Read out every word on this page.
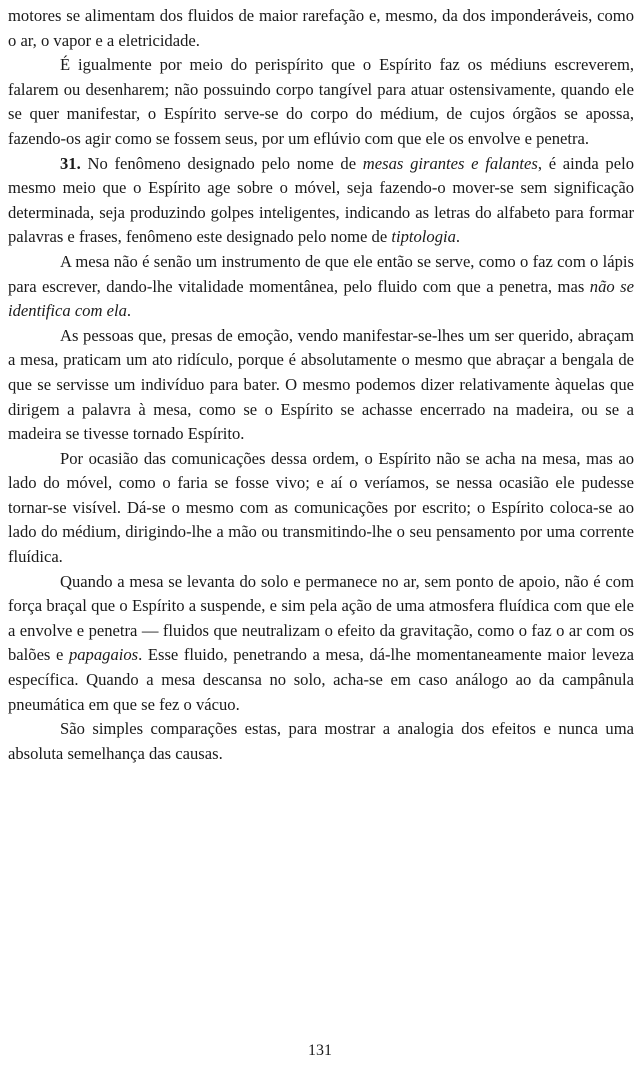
motores se alimentam dos fluidos de maior rarefação e, mesmo, da dos imponderáveis, como o ar, o vapor e a eletricidade.

É igualmente por meio do perispírito que o Espírito faz os médiuns escreverem, falarem ou desenharem; não possuindo corpo tangível para atuar ostensivamente, quando ele se quer manifestar, o Espírito serve-se do corpo do médium, de cujos órgãos se apossa, fazendo-os agir como se fossem seus, por um eflúvio com que ele os envolve e penetra.

31. No fenômeno designado pelo nome de mesas girantes e falantes, é ainda pelo mesmo meio que o Espírito age sobre o móvel, seja fazendo-o mover-se sem significação determinada, seja produzindo golpes inteligentes, indicando as letras do alfabeto para formar palavras e frases, fenômeno este designado pelo nome de tiptologia.

A mesa não é senão um instrumento de que ele então se serve, como o faz com o lápis para escrever, dando-lhe vitalidade momentânea, pelo fluido com que a penetra, mas não se identifica com ela.

As pessoas que, presas de emoção, vendo manifestar-se-lhes um ser querido, abraçam a mesa, praticam um ato ridículo, porque é absolutamente o mesmo que abraçar a bengala de que se servisse um indivíduo para bater. O mesmo podemos dizer relativamente àquelas que dirigem a palavra à mesa, como se o Espírito se achasse encerrado na madeira, ou se a madeira se tivesse tornado Espírito.

Por ocasião das comunicações dessa ordem, o Espírito não se acha na mesa, mas ao lado do móvel, como o faria se fosse vivo; e aí o veríamos, se nessa ocasião ele pudesse tornar-se visível. Dá-se o mesmo com as comunicações por escrito; o Espírito coloca-se ao lado do médium, dirigindo-lhe a mão ou transmitindo-lhe o seu pensamento por uma corrente fluídica.

Quando a mesa se levanta do solo e permanece no ar, sem ponto de apoio, não é com força braçal que o Espírito a suspende, e sim pela ação de uma atmosfera fluídica com que ele a envolve e penetra — fluidos que neutralizam o efeito da gravitação, como o faz o ar com os balões e papagaios. Esse fluido, penetrando a mesa, dá-lhe momentaneamente maior leveza específica. Quando a mesa descansa no solo, acha-se em caso análogo ao da campânula pneumática em que se fez o vácuo.

São simples comparações estas, para mostrar a analogia dos efeitos e nunca uma absoluta semelhança das causas.

131
